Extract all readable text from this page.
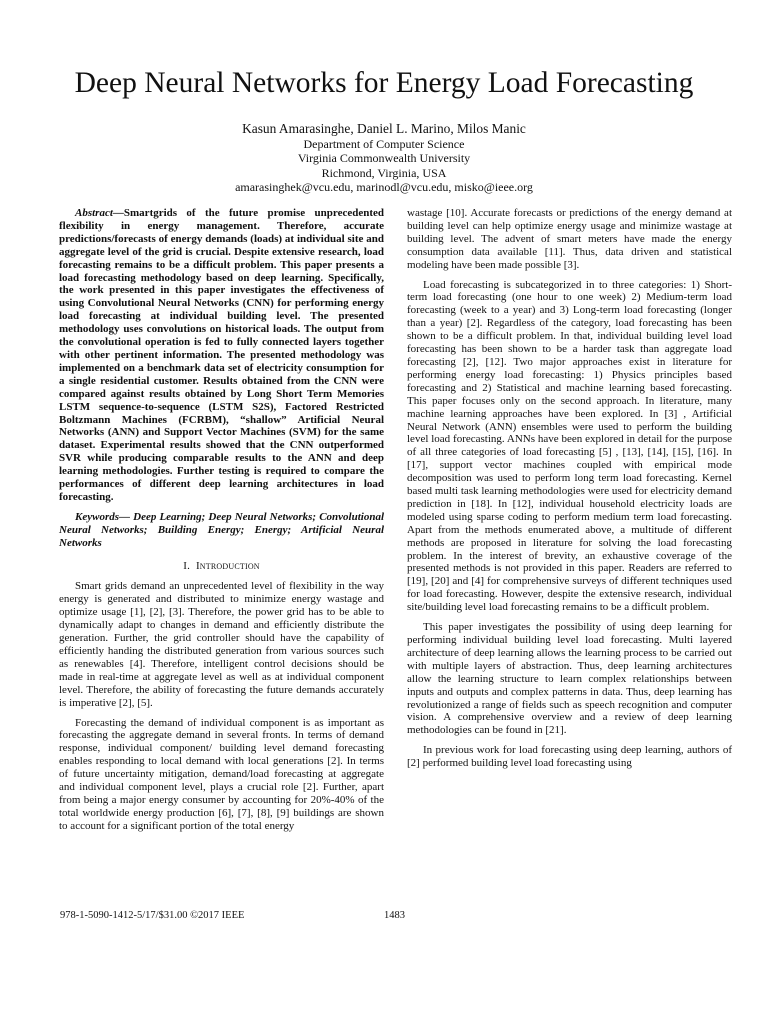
Deep Neural Networks for Energy Load Forecasting
Kasun Amarasinghe, Daniel L. Marino, Milos Manic
Department of Computer Science
Virginia Commonwealth University
Richmond, Virginia, USA
amarasinghek@vcu.edu, marinodl@vcu.edu, misko@ieee.org

Abstract—Smartgrids of the future promise unprecedented flexibility in energy management. Therefore, accurate predictions/forecasts of energy demands (loads) at individual site and aggregate level of the grid is crucial. Despite extensive research, load forecasting remains to be a difficult problem. This paper presents a load forecasting methodology based on deep learning. Specifically, the work presented in this paper investigates the effectiveness of using Convolutional Neural Networks (CNN) for performing energy load forecasting at individual building level. The presented methodology uses convolutions on historical loads. The output from the convolutional operation is fed to fully connected layers together with other pertinent information. The presented methodology was implemented on a benchmark data set of electricity consumption for a single residential customer. Results obtained from the CNN were compared against results obtained by Long Short Term Memories LSTM sequence-to-sequence (LSTM S2S), Factored Restricted Boltzmann Machines (FCRBM), “shallow” Artificial Neural Networks (ANN) and Support Vector Machines (SVM) for the same dataset. Experimental results showed that the CNN outperformed SVR while producing comparable results to the ANN and deep learning methodologies. Further testing is required to compare the performances of different deep learning architectures in load forecasting.

Keywords— Deep Learning; Deep Neural Networks; Convolutional Neural Networks; Building Energy; Energy; Artificial Neural Networks

I. Introduction

Smart grids demand an unprecedented level of flexibility in the way energy is generated and distributed to minimize energy wastage and optimize usage [1], [2], [3]. Therefore, the power grid has to be able to dynamically adapt to changes in demand and efficiently distribute the generation. Further, the grid controller should have the capability of efficiently handing the distributed generation from various sources such as renewables [4]. Therefore, intelligent control decisions should be made in real-time at aggregate level as well as at individual component level. Therefore, the ability of forecasting the future demands accurately is imperative [2], [5].

Forecasting the demand of individual component is as important as forecasting the aggregate demand in several fronts. In terms of demand response, individual component/ building level demand forecasting enables responding to local demand with local generations [2]. In terms of future uncertainty mitigation, demand/load forecasting at aggregate and individual component level, plays a crucial role [2]. Further, apart from being a major energy consumer by accounting for 20%-40% of the total worldwide energy production [6], [7], [8], [9] buildings are shown to account for a significant portion of the total energy

wastage [10]. Accurate forecasts or predictions of the energy demand at building level can help optimize energy usage and minimize wastage at building level. The advent of smart meters have made the energy consumption data available [11]. Thus, data driven and statistical modeling have been made possible [3].

Load forecasting is subcategorized in to three categories: 1) Short-term load forecasting (one hour to one week) 2) Medium-term load forecasting (week to a year) and 3) Long-term load forecasting (longer than a year) [2]. Regardless of the category, load forecasting has been shown to be a difficult problem. In that, individual building level load forecasting has been shown to be a harder task than aggregate load forecasting [2], [12]. Two major approaches exist in literature for performing energy load forecasting: 1) Physics principles based forecasting and 2) Statistical and machine learning based forecasting. This paper focuses only on the second approach. In literature, many machine learning approaches have been explored. In [3] , Artificial Neural Network (ANN) ensembles were used to perform the building level load forecasting. ANNs have been explored in detail for the purpose of all three categories of load forecasting [5] , [13], [14], [15], [16]. In [17], support vector machines coupled with empirical mode decomposition was used to perform long term load forecasting. Kernel based multi task learning methodologies were used for electricity demand prediction in [18]. In [12], individual household electricity loads are modeled using sparse coding to perform medium term load forecasting. Apart from the methods enumerated above, a multitude of different methods are proposed in literature for solving the load forecasting problem. In the interest of brevity, an exhaustive coverage of the presented methods is not provided in this paper. Readers are referred to [19], [20] and [4] for comprehensive surveys of different techniques used for load forecasting. However, despite the extensive research, individual site/building level load forecasting remains to be a difficult problem.

This paper investigates the possibility of using deep learning for performing individual building level load forecasting. Multi layered architecture of deep learning allows the learning process to be carried out with multiple layers of abstraction. Thus, deep learning architectures allow the learning structure to learn complex relationships between inputs and outputs and complex patterns in data. Thus, deep learning has revolutionized a range of fields such as speech recognition and computer vision. A comprehensive overview and a review of deep learning methodologies can be found in [21].

In previous work for load forecasting using deep learning, authors of [2] performed building level load forecasting using

978-1-5090-1412-5/17/$31.00 ©2017 IEEE	1483
